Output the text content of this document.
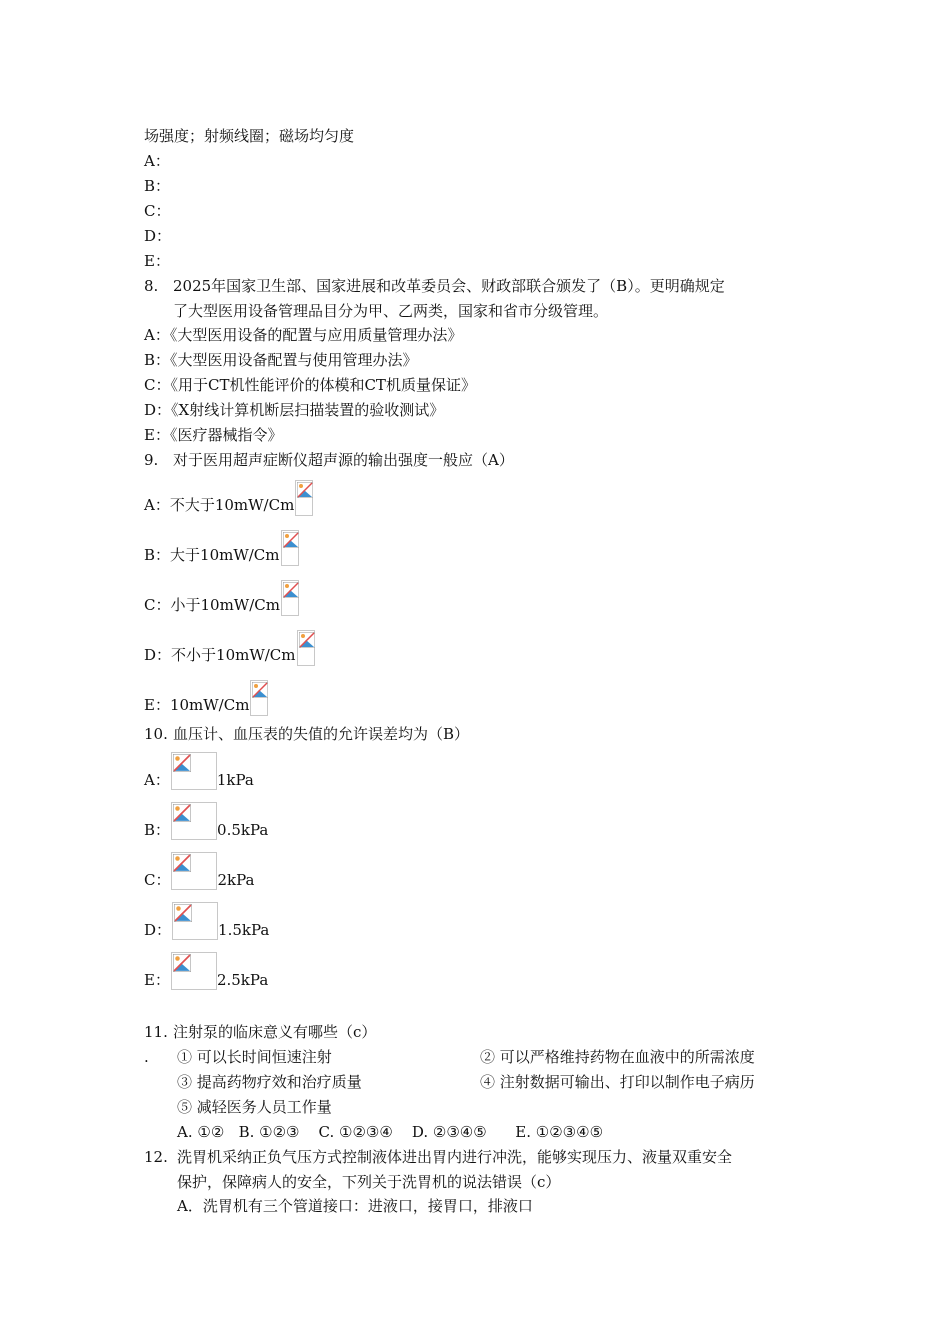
场强度；射频线圈；磁场均匀度
A：
B：
C：
D：
E：
8. 2025年国家卫生部、国家进展和改革委员会、财政部联合颁发了（B）。更明确规定
了大型医用设备管理品目分为甲、乙两类，国家和省市分级管理。
A：《大型医用设备的配置与应用质量管理办法》
B：《大型医用设备配置与使用管理办法》
C：《用于CT机性能评价的体模和CT机质量保证》
D：《X射线计算机断层扫描装置的验收测试》
E：《医疗器械指令》
9. 对于医用超声症断仪超声源的输出强度一般应（A）
A：不大于10mW/Cm
B：大于10mW/Cm
C：小于10mW/Cm
D：不小于10mW/Cm
E：10mW/Cm
10. 血压计、血压表的失值的允许误差均为（B）
A：	1kPa
B：	0.5kPa
C：	2kPa
D：	1.5kPa
E：	2.5kPa
11. 注射泵的临床意义有哪些（c）
. ① 可以长时间恒速注射	② 可以严格维持药物在血液中的所需浓度
③ 提高药物疗效和治疗质量	④ 注射数据可输出、打印以制作电子病历
⑤ 减轻医务人员工作量
A. ①②   B. ①②③    C. ①②③④    D. ②③④⑤      E. ①②③④⑤
12. 洗胃机采纳正负气压方式控制液体进出胃内进行冲洗，能够实现压力、液量双重安全
保护，保障病人的安全，下列关于洗胃机的说法错误（c）
A．洗胃机有三个管道接口：进液口，接胃口，排液口
